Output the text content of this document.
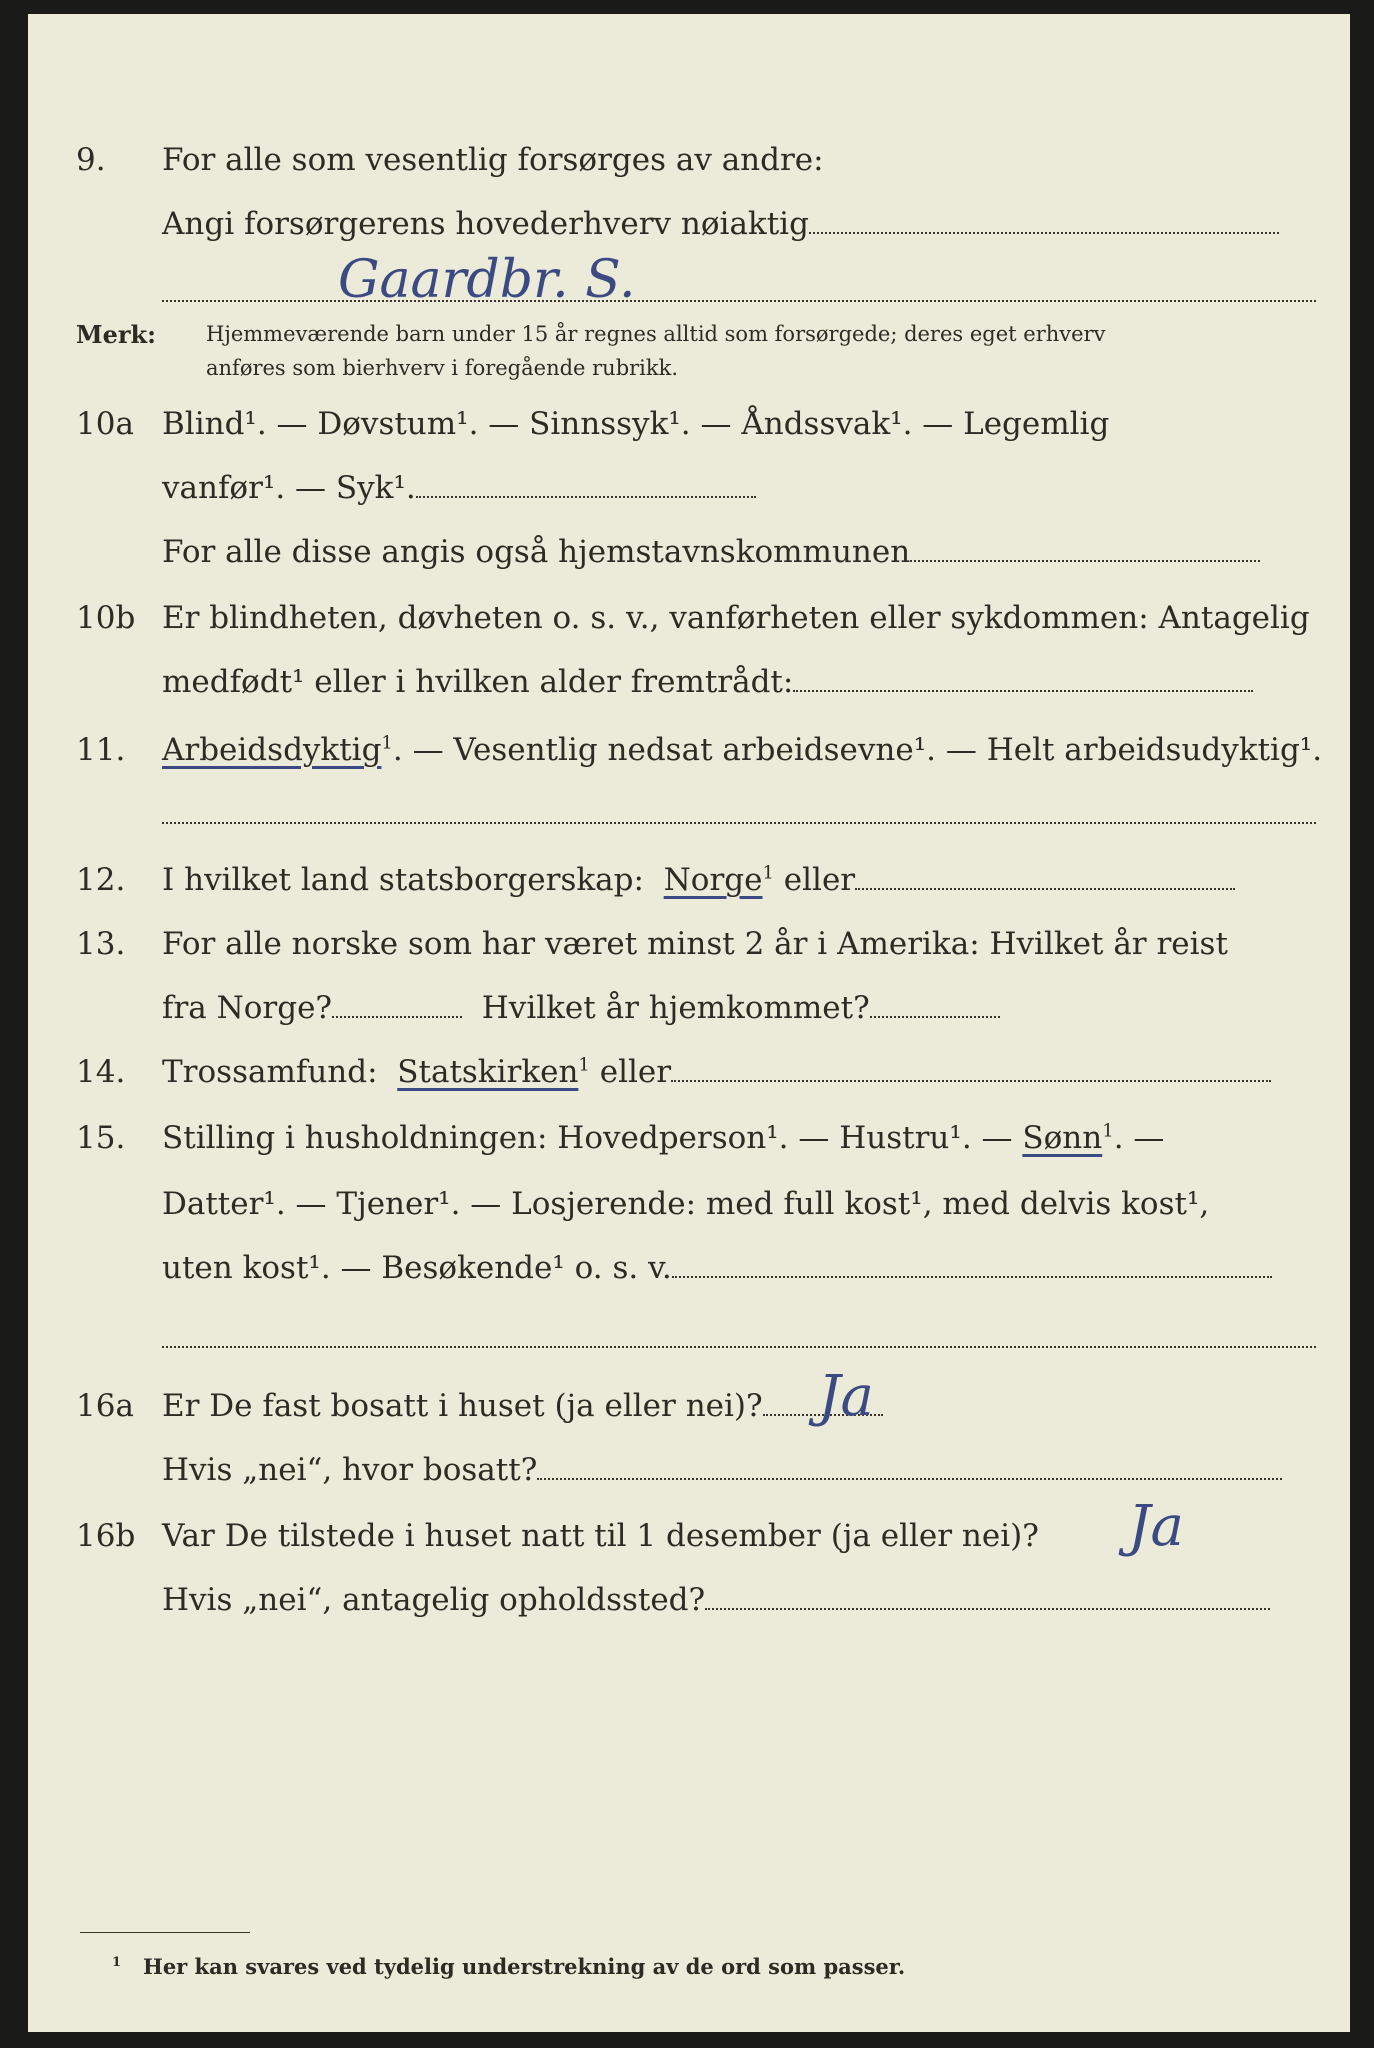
9. For alle som vesentlig forsørges av andre:
Angi forsørgerens hovederhverv nøiaktig
Gaardbr. S.
Merk: Hjemmeværende barn under 15 år regnes alltid som forsørgede; deres eget erhverv
anføres som bierhverv i foregående rubrikk.
10a Blind¹. — Døvstum¹. — Sinnssyk¹. — Åndssvak¹. — Legemlig
vanfør¹. — Syk¹.
For alle disse angis også hjemstavnskommunen
10b Er blindheten, døvheten o. s. v., vanførheten eller sykdommen: Antagelig
medfødt¹ eller i hvilken alder fremtrådt:
11. Arbeidsdyktig$^1$. — Vesentlig nedsat arbeidsevne¹. — Helt arbeidsudyktig¹.
12. I hvilket land statsborgerskap: Norge$^1$ eller
13. For alle norske som har været minst 2 år i Amerika: Hvilket år reist
fra Norge?	Hvilket år hjemkommet?
14. Trossamfund: Statskirken$^1$ eller
15. Stilling i husholdningen: Hovedperson¹. — Hustru¹. — Sønn$^1$. —
Datter¹. — Tjener¹. — Losjerende: med full kost¹, med delvis kost¹,
uten kost¹. — Besøkende¹ o. s. v.
16a Er De fast bosatt i huset (ja eller nei)? Ja
Hvis „nei“, hvor bosatt?
16b Var De tilstede i huset natt til 1 desember (ja eller nei)? Ja
Hvis „nei“, antagelig opholdssted?
$^1$ Her kan svares ved tydelig understrekning av de ord som passer.
